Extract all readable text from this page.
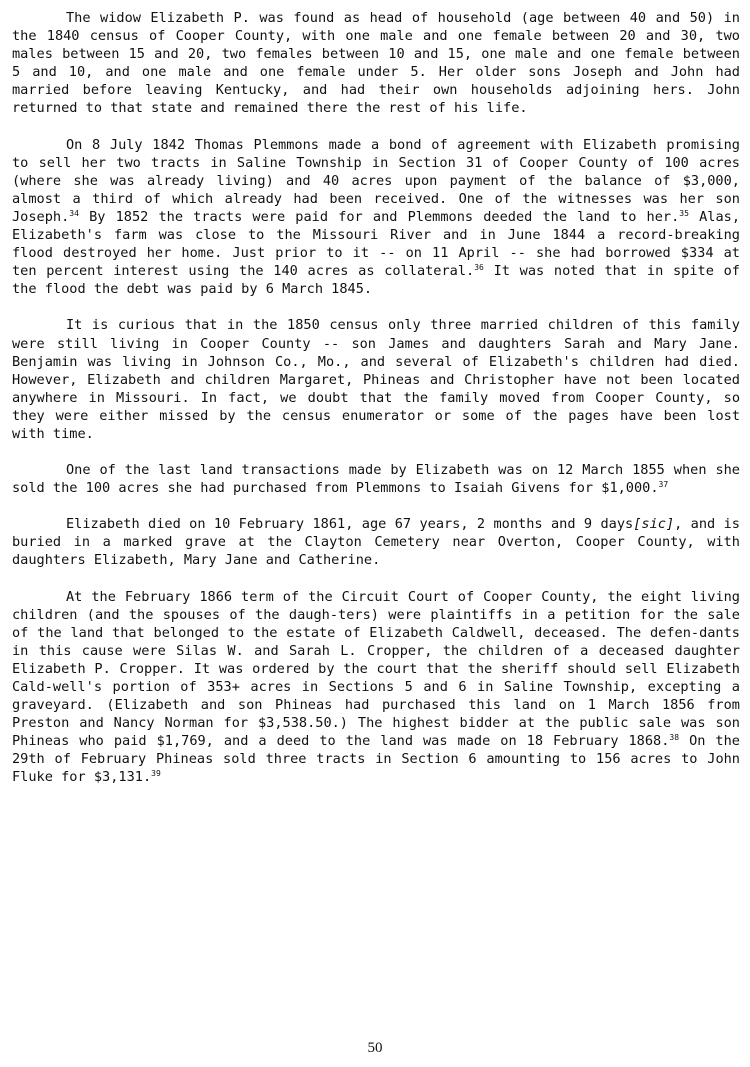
The widow Elizabeth P. was found as head of household (age between 40 and 50) in the 1840 census of Cooper County, with one male and one female between 20 and 30, two males between 15 and 20, two females between 10 and 15, one male and one female between 5 and 10, and one male and one female under 5. Her older sons Joseph and John had married before leaving Kentucky, and had their own households adjoining hers. John returned to that state and remained there the rest of his life.

On 8 July 1842 Thomas Plemmons made a bond of agreement with Elizabeth promising to sell her two tracts in Saline Township in Section 31 of Cooper County of 100 acres (where she was already living) and 40 acres upon payment of the balance of $3,000, almost a third of which already had been received. One of the witnesses was her son Joseph.$^{34}$ By 1852 the tracts were paid for and Plemmons deeded the land to her.$^{35}$ Alas, Elizabeth's farm was close to the Missouri River and in June 1844 a record-breaking flood destroyed her home. Just prior to it -- on 11 April -- she had borrowed $334 at ten percent interest using the 140 acres as collateral.$^{36}$ It was noted that in spite of the flood the debt was paid by 6 March 1845.

It is curious that in the 1850 census only three married children of this family were still living in Cooper County -- son James and daughters Sarah and Mary Jane. Benjamin was living in Johnson Co., Mo., and several of Elizabeth's children had died. However, Elizabeth and children Margaret, Phineas and Christopher have not been located anywhere in Missouri. In fact, we doubt that the family moved from Cooper County, so they were either missed by the census enumerator or some of the pages have been lost with time.

One of the last land transactions made by Elizabeth was on 12 March 1855 when she sold the 100 acres she had purchased from Plemmons to Isaiah Givens for $1,000.37

Elizabeth died on 10 February 1861, age 67 years, 2 months and 9 days[sic], and is buried in a marked grave at the Clayton Cemetery near Overton, Cooper County, with daughters Elizabeth, Mary Jane and Catherine.

At the February 1866 term of the Circuit Court of Cooper County, the eight living children (and the spouses of the daugh-ters) were plaintiffs in a petition for the sale of the land that belonged to the estate of Elizabeth Caldwell, deceased. The defen-dants in this cause were Silas W. and Sarah L. Cropper, the children of a deceased daughter Elizabeth P. Cropper. It was ordered by the court that the sheriff should sell Elizabeth Cald-well's portion of 353+ acres in Sections 5 and 6 in Saline Township, excepting a graveyard. (Elizabeth and son Phineas had purchased this land on 1 March 1856 from Preston and Nancy Norman for $3,538.50.) The highest bidder at the public sale was son Phineas who paid $1,769, and a deed to the land was made on 18 February 1868.38 On the 29th of February Phineas sold three tracts in Section 6 amounting to 156 acres to John Fluke for $3,131.39

50
